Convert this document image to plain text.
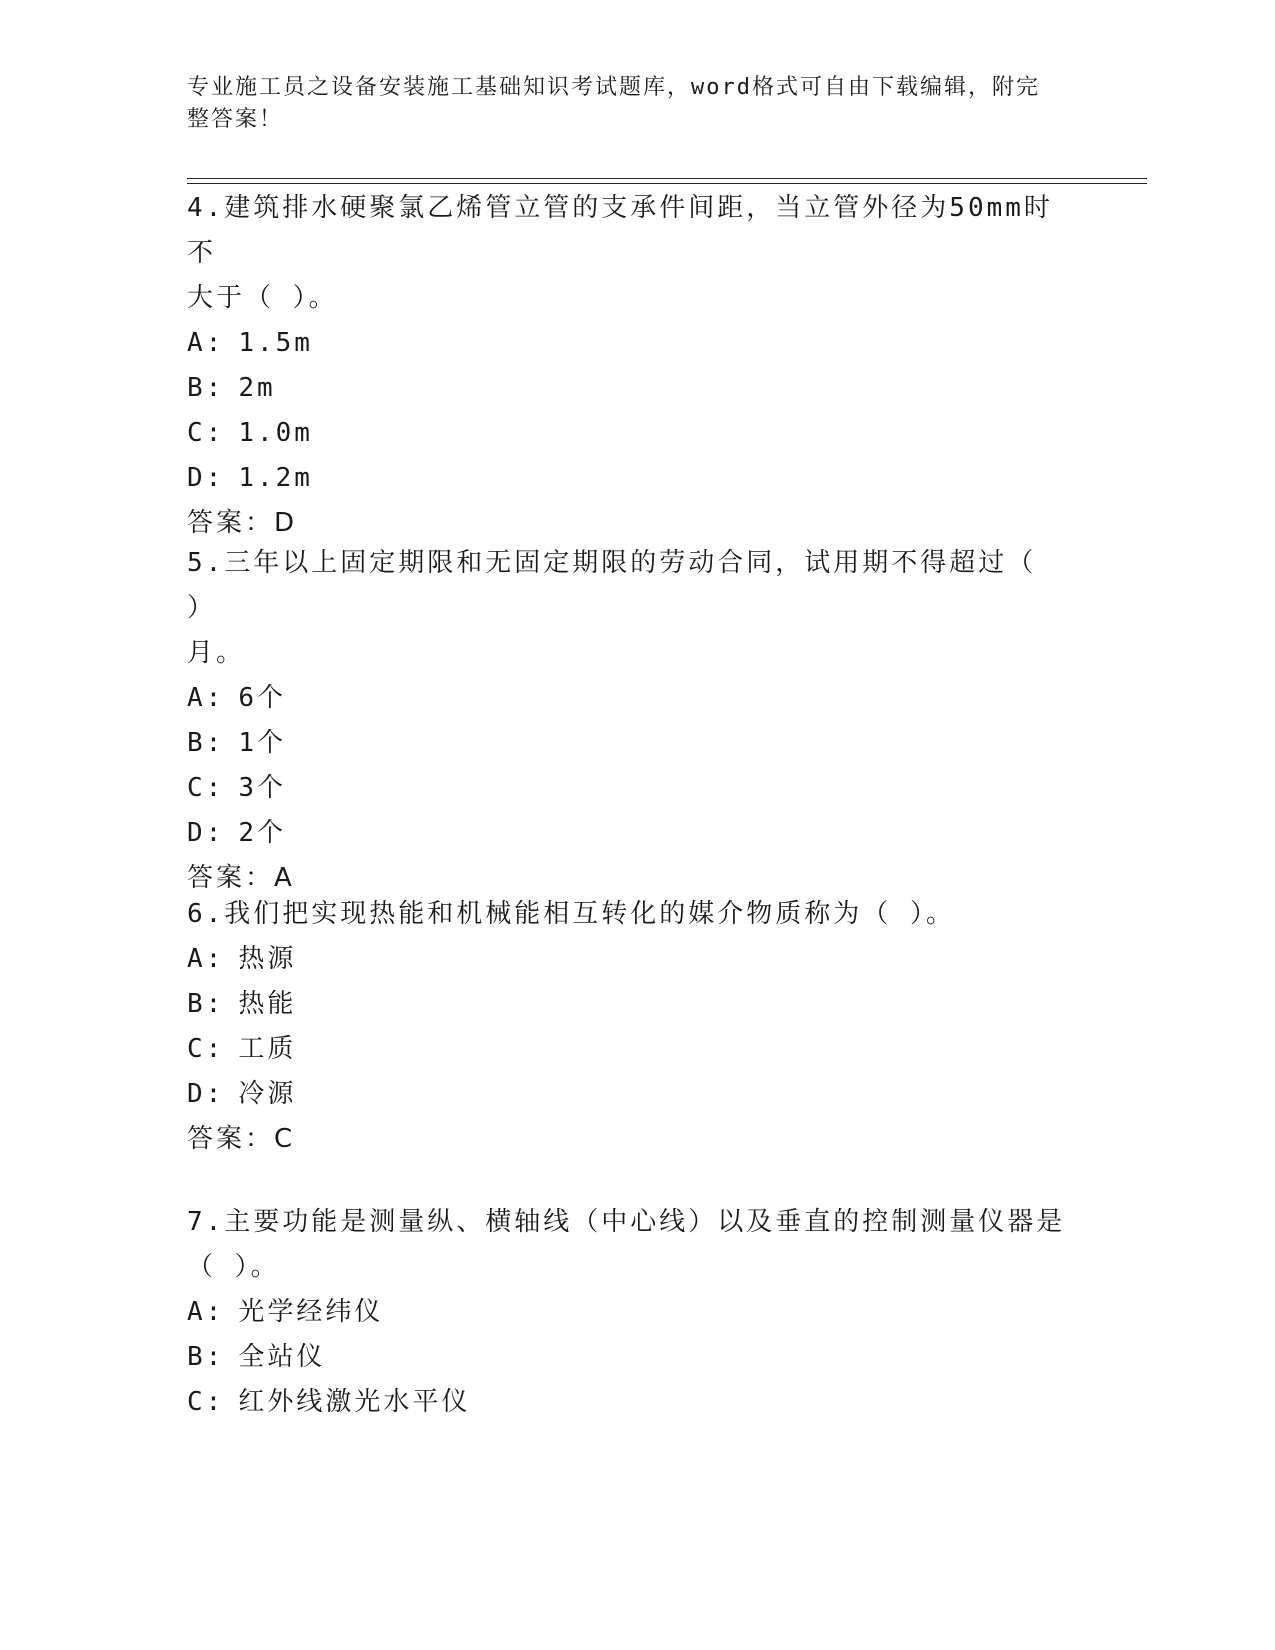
专业施工员之设备安装施工基础知识考试题库，word格式可自由下载编辑，附完
整答案！

4.建筑排水硬聚氯乙烯管立管的支承件间距，当立管外径为50mm时不

大于（ ）。

A: 1.5m
B: 2m
C: 1.0m
D: 1.2m

答案：D

5.三年以上固定期限和无固定期限的劳动合同，试用期不得超过（ ）

月。

A: 6个
B: 1个
C: 3个
D: 2个

答案：A

6.我们把实现热能和机械能相互转化的媒介物质称为（ ）。

A: 热源
B: 热能
C: 工质
D: 冷源

答案：C

7.主要功能是测量纵、横轴线（中心线）以及垂直的控制测量仪器是

（ ）。

A: 光学经纬仪
B: 全站仪
C: 红外线激光水平仪
